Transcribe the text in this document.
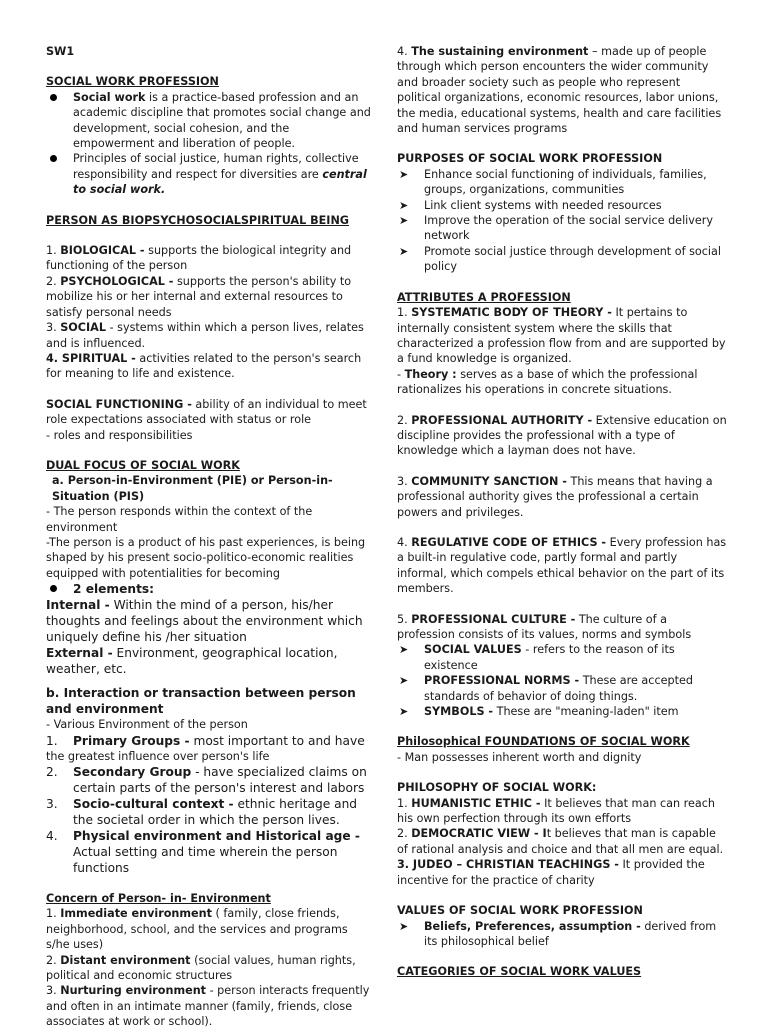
SW1

SOCIAL WORK PROFESSION

Social work is a practice-based profession and an academic discipline that promotes social change and development, social cohesion, and the empowerment and liberation of people.
Principles of social justice, human rights, collective responsibility and respect for diversities are central to social work.

PERSON AS BIOPSYCHOSOCIALSPIRITUAL BEING

1. BIOLOGICAL - supports the biological integrity and functioning of the person

2. PSYCHOLOGICAL - supports the person's ability to mobilize his or her internal and external resources to satisfy personal needs

3. SOCIAL - systems within which a person lives, relates and is influenced.

4. SPIRITUAL - activities related to the person's search for meaning to life and existence.

SOCIAL FUNCTIONING - ability of an individual to meet role expectations associated with status or role

- roles and responsibilities

DUAL FOCUS OF SOCIAL WORK

a. Person-in-Environment (PIE) or Person-in-Situation (PIS)

- The person responds within the context of the environment

-The person is a product of his past experiences, is being shaped by his present socio-politico-economic realities equipped with potentialities for becoming

2 elements:

Internal - Within the mind of a person, his/her thoughts and feelings about the environment which uniquely define his /her situation

External - Environment, geographical location, weather, etc.

b. Interaction or transaction between person and environment

- Various Environment of the person

1. Primary Groups - most important to and have

the greatest influence over person's life

2. Secondary Group - have specialized claims on certain parts of the person's interest and labors
3. Socio-cultural context - ethnic heritage and the societal order in which the person lives.
4. Physical environment and Historical age - Actual setting and time wherein the person functions

Concern of Person- in- Environment

1. Immediate environment ( family, close friends, neighborhood, school, and the services and programs s/he uses)

2. Distant environment (social values, human rights, political and economic structures

3. Nurturing environment - person interacts frequently and often in an intimate manner (family, friends, close associates at work or school).

4. The sustaining environment – made up of people through which person encounters the wider community and broader society such as people who represent political organizations, economic resources, labor unions, the media, educational systems, health and care facilities and human services programs

PURPOSES OF SOCIAL WORK PROFESSION

➤ Enhance social functioning of individuals, families, groups, organizations, communities
➤ Link client systems with needed resources
➤ Improve the operation of the social service delivery network
➤ Promote social justice through development of social policy

ATTRIBUTES A PROFESSION

1. SYSTEMATIC BODY OF THEORY - It pertains to internally consistent system where the skills that characterized a profession flow from and are supported by a fund knowledge is organized.

- Theory : serves as a base of which the professional rationalizes his operations in concrete situations.

2. PROFESSIONAL AUTHORITY - Extensive education on discipline provides the professional with a type of knowledge which a layman does not have.

3. COMMUNITY SANCTION - This means that having a professional authority gives the professional a certain powers and privileges.

4. REGULATIVE CODE OF ETHICS - Every profession has a built-in regulative code, partly formal and partly informal, which compels ethical behavior on the part of its members.

5. PROFESSIONAL CULTURE - The culture of a profession consists of its values, norms and symbols

➤ SOCIAL VALUES - refers to the reason of its existence
➤ PROFESSIONAL NORMS - These are accepted standards of behavior of doing things.
➤ SYMBOLS - These are "meaning-laden" item

Philosophical FOUNDATIONS OF SOCIAL WORK

- Man possesses inherent worth and dignity

PHILOSOPHY OF SOCIAL WORK:

1. HUMANISTIC ETHIC - It believes that man can reach his own perfection through its own efforts

2. DEMOCRATIC VIEW - It believes that man is capable of rational analysis and choice and that all men are equal.

3. JUDEO – CHRISTIAN TEACHINGS - It provided the incentive for the practice of charity

VALUES OF SOCIAL WORK PROFESSION

➤ Beliefs, Preferences, assumption - derived from its philosophical belief

CATEGORIES OF SOCIAL WORK VALUES
